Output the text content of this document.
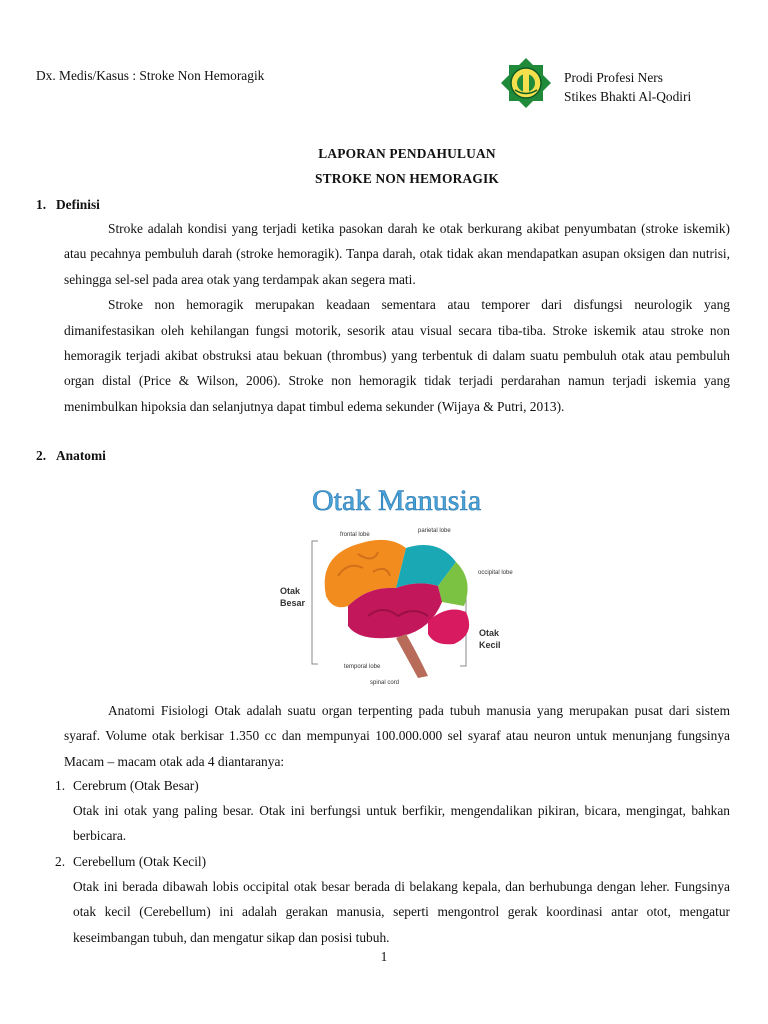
Dx. Medis/Kasus : Stroke Non Hemoragik	Prodi Profesi Ners
Stikes Bhakti Al-Qodiri
LAPORAN PENDAHULUAN
STROKE NON HEMORAGIK
1. Definisi

Stroke adalah kondisi yang terjadi ketika pasokan darah ke otak berkurang akibat penyumbatan (stroke iskemik) atau pecahnya pembuluh darah (stroke hemoragik). Tanpa darah, otak tidak akan mendapatkan asupan oksigen dan nutrisi, sehingga sel-sel pada area otak yang terdampak akan segera mati.

Stroke non hemoragik merupakan keadaan sementara atau temporer dari disfungsi neurologik yang dimanifestasikan oleh kehilangan fungsi motorik, sesorik atau visual secara tiba-tiba. Stroke iskemik atau stroke non hemoragik terjadi akibat obstruksi atau bekuan (thrombus) yang terbentuk di dalam suatu pembuluh otak atau pembuluh organ distal (Price & Wilson, 2006). Stroke non hemoragik tidak terjadi perdarahan namun terjadi iskemia yang menimbulkan hipoksia dan selanjutnya dapat timbul edema sekunder (Wijaya & Putri, 2013).

2. Anatomi
Otak Manusia
frontal lobe
parietal lobe
occipital lobe
temporal lobe
spinal cord
Otak
Besar
Otak
Kecil

Anatomi Fisiologi Otak adalah suatu organ terpenting pada tubuh manusia yang merupakan pusat dari sistem syaraf. Volume otak berkisar 1.350 cc dan mempunyai 100.000.000 sel syaraf atau neuron untuk menunjang fungsinya Macam – macam otak ada 4 diantaranya:

1. Cerebrum (Otak Besar)
Otak ini otak yang paling besar. Otak ini berfungsi untuk berfikir, mengendalikan pikiran, bicara, mengingat, bahkan berbicara.
2. Cerebellum (Otak Kecil)
Otak ini berada dibawah lobis occipital otak besar berada di belakang kepala, dan berhubunga dengan leher. Fungsinya otak kecil (Cerebellum) ini adalah gerakan manusia, seperti mengontrol gerak koordinasi antar otot, mengatur keseimbangan tubuh, dan mengatur sikap dan posisi tubuh.
1
